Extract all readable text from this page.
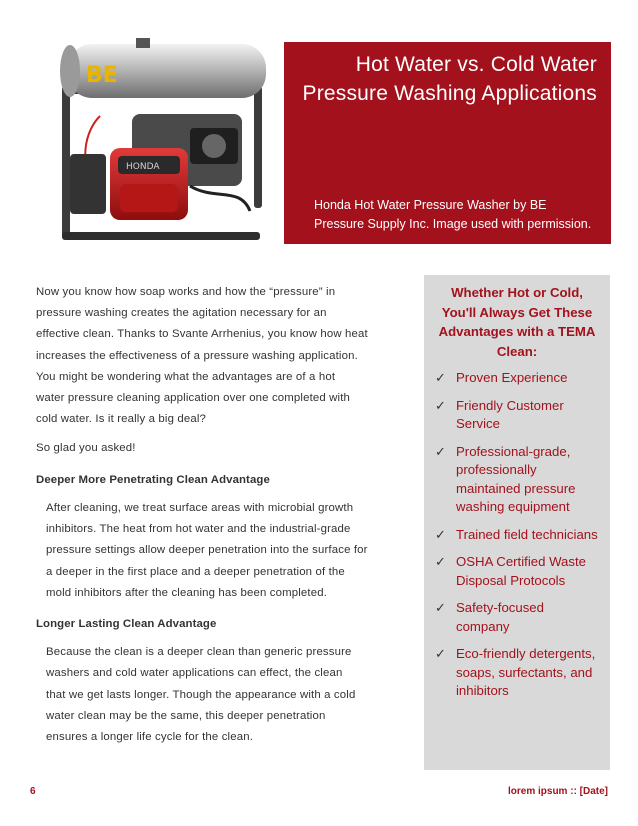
BE
HONDA
Hot Water vs. Cold Water Pressure Washing Applications
Honda Hot Water Pressure Washer by BE Pressure Supply Inc. Image used with permission.

Now you know how soap works and how the “pressure” in

pressure washing creates the agitation necessary for an

effective clean. Thanks to Svante Arrhenius, you know how heat

increases the effectiveness of a pressure washing application.

You might be wondering what the advantages are of a hot

water pressure cleaning application over one completed with

cold water. Is it really a big deal?

So glad you asked!

Deeper More Penetrating Clean Advantage

After cleaning, we treat surface areas with microbial growth
inhibitors. The heat from hot water and the industrial-grade
pressure settings allow deeper penetration into the surface for
a deeper in the first place and a deeper penetration of the
mold inhibitors after the cleaning has been completed.

Longer Lasting Clean Advantage

Because the clean is a deeper clean than generic pressure
washers and cold water applications can effect, the clean
that we get lasts longer. Though the appearance with a cold
water clean may be the same, this deeper penetration
ensures a longer life cycle for the clean.
Whether Hot or Cold, You'll Always Get These Advantages with a TEMA Clean:
✓ Proven Experience
✓ Friendly Customer Service
✓ Professional-grade, professionally maintained pressure washing equipment
✓ Trained field technicians
✓ OSHA Certified Waste Disposal Protocols
✓ Safety-focused company
✓ Eco-friendly detergents, soaps, surfectants, and inhibitors
6	lorem ipsum :: [Date]
